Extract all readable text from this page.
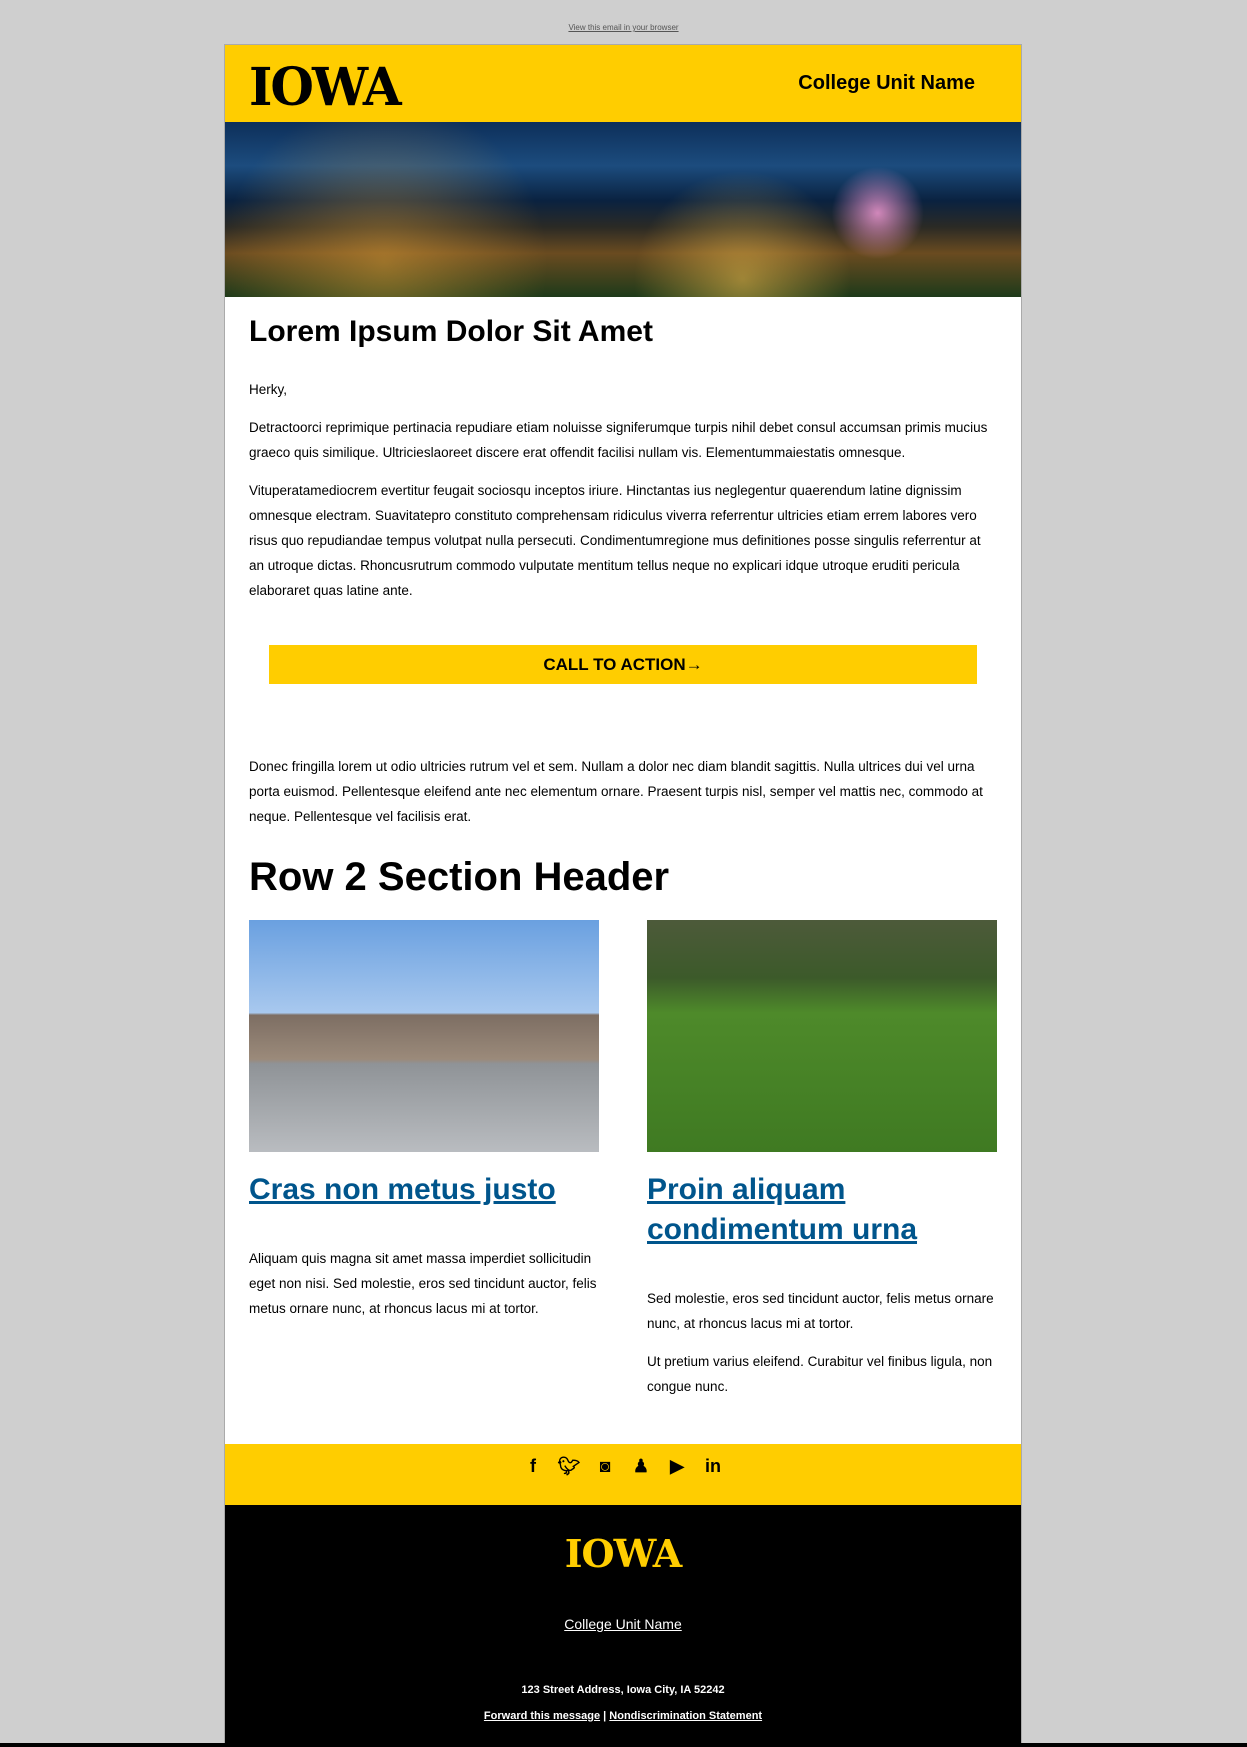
View this email in your browser
IOWA	College Unit Name
Lorem Ipsum Dolor Sit Amet

Herky,

Detractoorci reprimique pertinacia repudiare etiam noluisse signiferumque turpis nihil debet consul accumsan primis mucius graeco quis similique. Ultricieslaoreet discere erat offendit facilisi nullam vis. Elementummaiestatis omnesque.

Vituperatamediocrem evertitur feugait sociosqu inceptos iriure. Hinctantas ius neglegentur quaerendum latine dignissim omnesque electram. Suavitatepro constituto comprehensam ridiculus viverra referrentur ultricies etiam errem labores vero risus quo repudiandae tempus volutpat nulla persecuti. Condimentumregione mus definitiones posse singulis referrentur at an utroque dictas. Rhoncusrutrum commodo vulputate mentitum tellus neque no explicari idque utroque eruditi pericula elaboraret quas latine ante.

CALL TO ACTION→

Donec fringilla lorem ut odio ultricies rutrum vel et sem. Nullam a dolor nec diam blandit sagittis. Nulla ultrices dui vel urna porta euismod. Pellentesque eleifend ante nec elementum ornare. Praesent turpis nisl, semper vel mattis nec, commodo at neque. Pellentesque vel facilisis erat.

Row 2 Section Header
Cras non metus justo

Aliquam quis magna sit amet massa imperdiet sollicitudin eget non nisi. Sed molestie, eros sed tincidunt auctor, felis metus ornare nunc, at rhoncus lacus mi at tortor.

Proin aliquam condimentum urna

Sed molestie, eros sed tincidunt auctor, felis metus ornare nunc, at rhoncus lacus mi at tortor.

Ut pretium varius eleifend. Curabitur vel finibus ligula, non congue nunc.

f 🐦︎ ◙ ♟ ▶ in
IOWA
College Unit Name
123 Street Address, Iowa City, IA 52242
Forward this message | Nondiscrimination Statement
